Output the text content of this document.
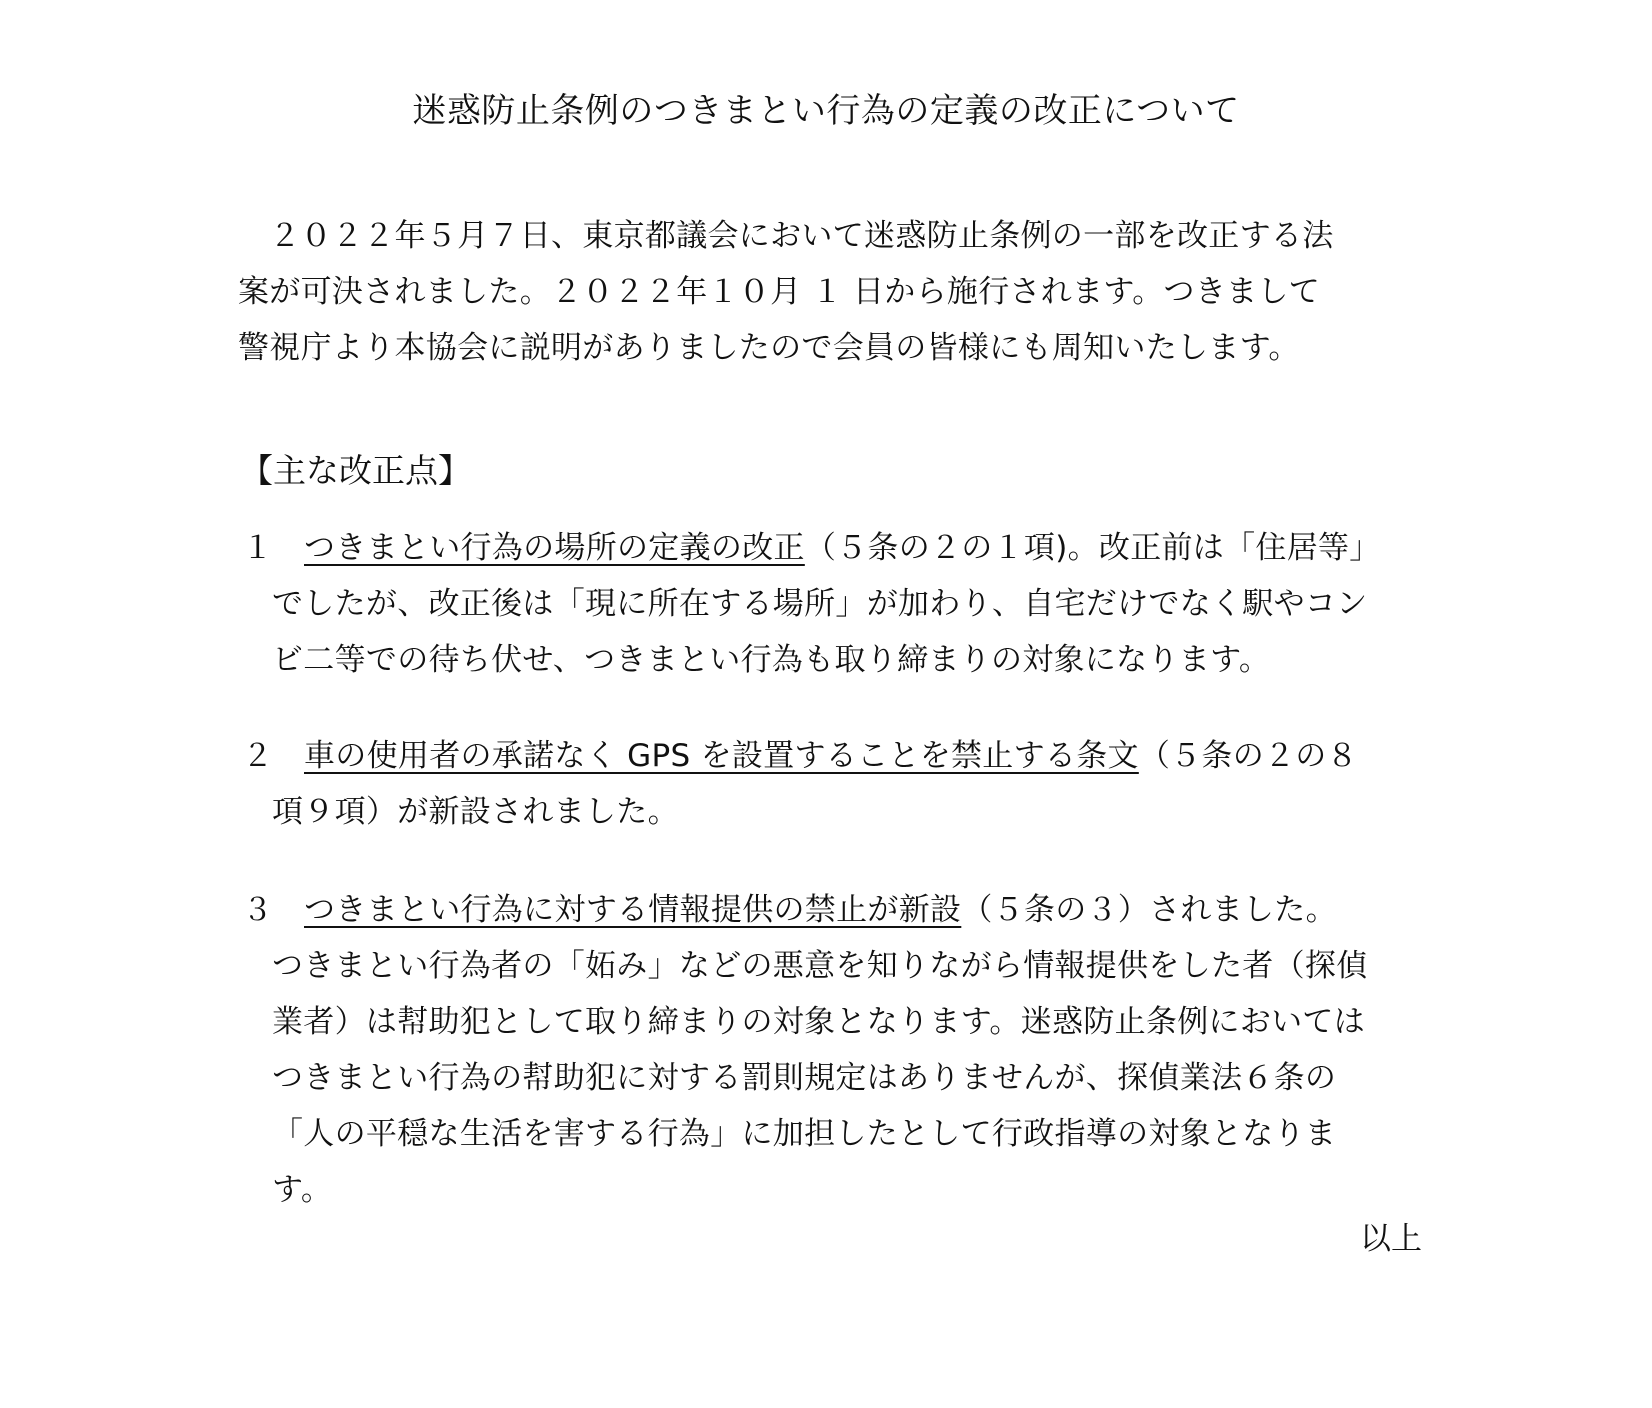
迷惑防止条例のつきまとい行為の定義の改正について
　２０２２年５月７日、東京都議会において迷惑防止条例の一部を改正する法
案が可決されました。２０２２年１０月 １ 日から施行されます。つきまして
警視庁より本協会に説明がありましたので会員の皆様にも周知いたします。
【主な改正点】
１ つきまとい行為の場所の定義の改正（５条の２の１項)。改正前は「住居等」
でしたが、改正後は「現に所在する場所」が加わり、自宅だけでなく駅やコン
ビ二等での待ち伏せ、つきまとい行為も取り締まりの対象になります。
２ 車の使用者の承諾なく GPS を設置することを禁止する条文（５条の２の８
項９項）が新設されました。
３ つきまとい行為に対する情報提供の禁止が新設（５条の３）されました。
つきまとい行為者の「妬み」などの悪意を知りながら情報提供をした者（探偵
業者）は幇助犯として取り締まりの対象となります。迷惑防止条例においては
つきまとい行為の幇助犯に対する罰則規定はありませんが、探偵業法６条の
「人の平穏な生活を害する行為」に加担したとして行政指導の対象となりま
す。
以上
